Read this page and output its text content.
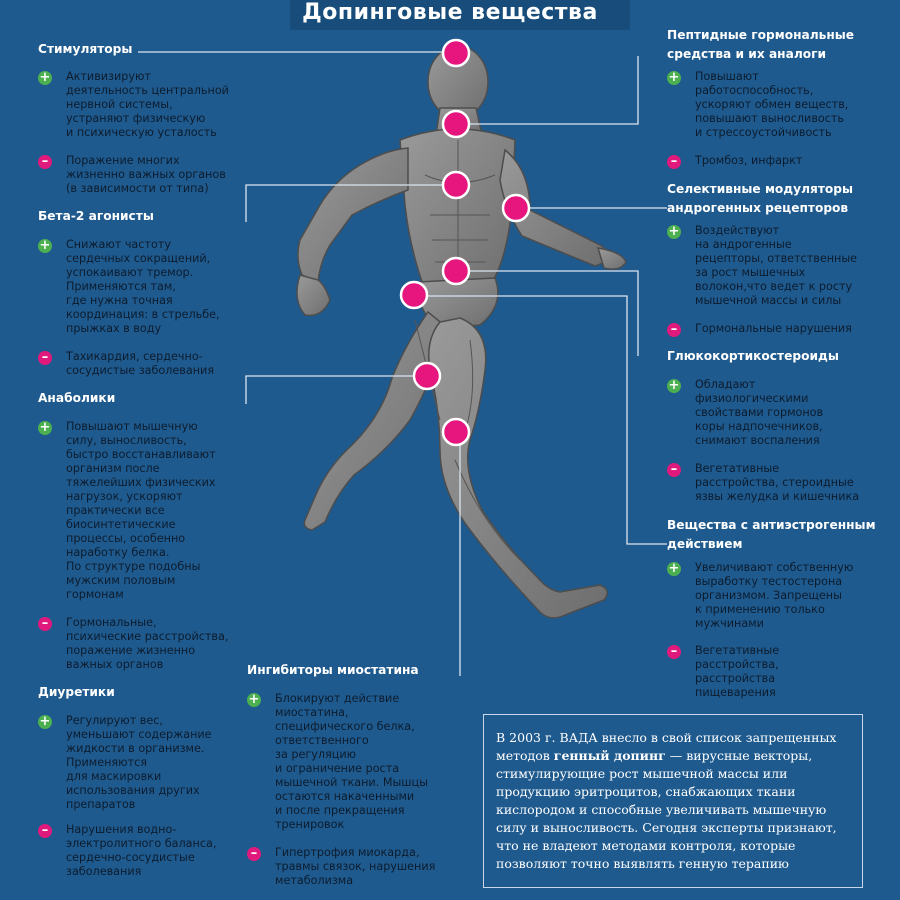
Допинговые вещества
Стимуляторы
+ Активизируют
деятельность центральной
нервной системы,
устраняют физическую
и психическую усталость
–	Поражение многих
жизненно важных органов
(в зависимости от типа)
Бета-2 агонисты
+ Снижают частоту
сердечных сокращений,
успокаивают тремор.
Применяются там,
где нужна точная
координация: в стрельбе,
прыжках в воду
–	Тахикардия, сердечно-
сосудистые заболевания
Анаболики
+ Повышают мышечную
силу, выносливость,
быстро восстанавливают
организм после
тяжелейших физических
нагрузок, ускоряют
практически все
биосинтетические
процессы, особенно
наработку белка.
По структуре подобны
мужским половым
гормонам
–	Гормональные,
психические расстройства,
поражение жизненно
важных органов
Диуретики
+ Регулируют вес,
уменьшают содержание
жидкости в организме.
Применяются
для маскировки
использования других
препаратов
–	Нарушения водно-
электролитного баланса,
сердечно-сосудистые
заболевания
Ингибиторы миостатина
+ Блокируют действие
миостатина,
специфического белка,
ответственного
за регуляцию
и ограничение роста
мышечной ткани. Мышцы
остаются накаченными
и после прекращения
тренировок
–	Гипертрофия миокарда,
травмы связок, нарушения
метаболизма
Пептидные гормональные
средства и их аналоги
+ Повышают
работоспособность,
ускоряют обмен веществ,
повышают выносливость
и стрессоустойчивость
–	Тромбоз, инфаркт
Селективные модуляторы
андрогенных рецепторов
+ Воздействуют
на андрогенные
рецепторы, ответственные
за рост мышечных
волокон,что ведет к росту
мышечной массы и силы
–	Гормональные нарушения
Глюкокортикостероиды
+ Обладают
физиологическими
свойствами гормонов
коры надпочечников,
снимают воспаления
–	Вегетативные
расстройства, стероидные
язвы желудка и кишечника
Вещества с антиэстрогенным
действием
+ Увеличивают собственную
выработку тестостерона
организмом. Запрещены
к применению только
мужчинами
–	Вегетативные
расстройства,
расстройства
пищеварения
В 2003 г. ВАДА внесло в свой список запрещенных методов генный допинг — вирусные векторы, стимулирующие рост мышечной массы или продукцию эритроцитов, снабжающих ткани кислородом и способные увеличивать мышечную силу и выносливость. Сегодня эксперты признают, что не владеют методами контроля, которые позволяют точно выявлять генную терапию
